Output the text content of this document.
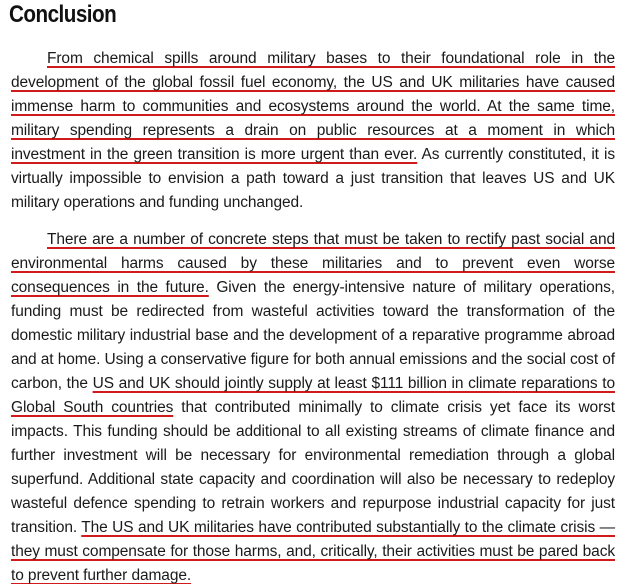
Conclusion

From chemical spills around military bases to their foundational role in the development of the global fossil fuel economy, the US and UK militaries have caused immense harm to communities and ecosystems around the world. At the same time, military spending represents a drain on public resources at a moment in which investment in the green transition is more urgent than ever. As currently constituted, it is virtually impossible to envision a path toward a just transition that leaves US and UK military operations and funding unchanged.

There are a number of concrete steps that must be taken to rectify past social and environmental harms caused by these militaries and to prevent even worse consequences in the future. Given the energy-intensive nature of military operations, funding must be redirected from wasteful activities toward the transformation of the domestic military industrial base and the development of a reparative programme abroad and at home. Using a conservative figure for both annual emissions and the social cost of carbon, the US and UK should jointly supply at least $111 billion in climate reparations to Global South countries that contributed minimally to climate crisis yet face its worst impacts. This funding should be additional to all existing streams of climate finance and further investment will be necessary for environmental remediation through a global superfund. Additional state capacity and coordination will also be necessary to redeploy wasteful defence spending to retrain workers and repurpose industrial capacity for just transition. The US and UK militaries have contributed substantially to the climate crisis — they must compensate for those harms, and, critically, their activities must be pared back to prevent further damage.
